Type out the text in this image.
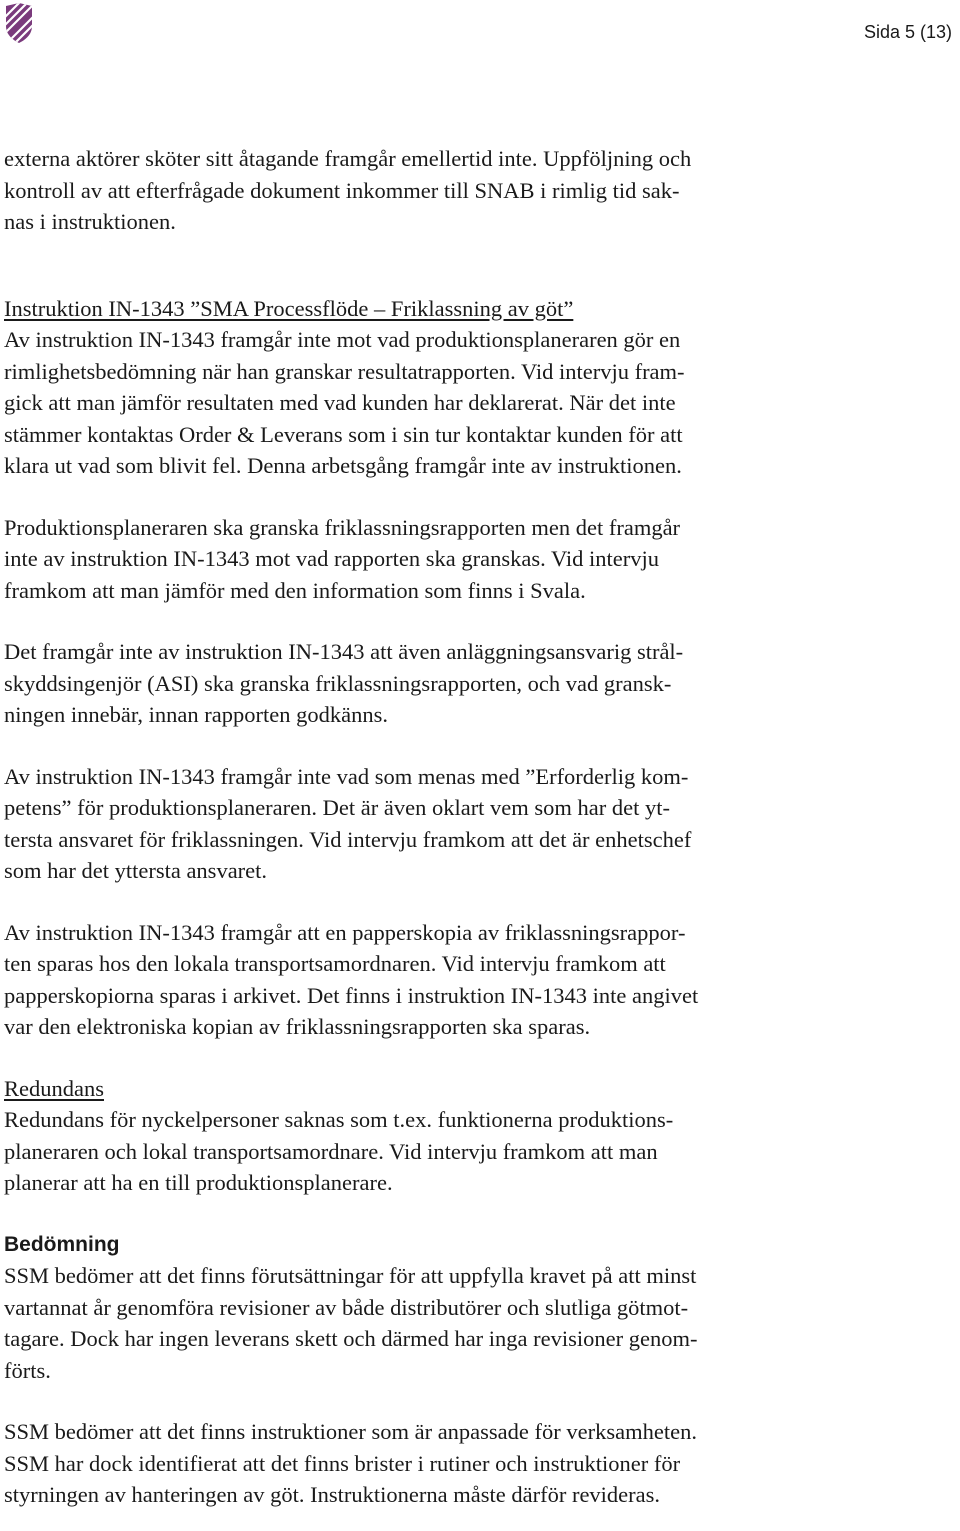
Sida 5 (13)

externa aktörer sköter sitt åtagande framgår emellertid inte. Uppföljning och
kontroll av att efterfrågade dokument inkommer till SNAB i rimlig tid sak-
nas i instruktionen.

Instruktion IN-1343 ”SMA Processflöde – Friklassning av göt”

Av instruktion IN-1343 framgår inte mot vad produktionsplaneraren gör en
rimlighetsbedömning när han granskar resultatrapporten. Vid intervju fram-
gick att man jämför resultaten med vad kunden har deklarerat. När det inte
stämmer kontaktas Order & Leverans som i sin tur kontaktar kunden för att
klara ut vad som blivit fel. Denna arbetsgång framgår inte av instruktionen.

Produktionsplaneraren ska granska friklassningsrapporten men det framgår
inte av instruktion IN-1343 mot vad rapporten ska granskas. Vid intervju
framkom att man jämför med den information som finns i Svala.

Det framgår inte av instruktion IN-1343 att även anläggningsansvarig strål-
skyddsingenjör (ASI) ska granska friklassningsrapporten, och vad gransk-
ningen innebär, innan rapporten godkänns.

Av instruktion IN-1343 framgår inte vad som menas med ”Erforderlig kom-
petens” för produktionsplaneraren. Det är även oklart vem som har det yt-
tersta ansvaret för friklassningen. Vid intervju framkom att det är enhetschef
som har det yttersta ansvaret.

Av instruktion IN-1343 framgår att en papperskopia av friklassningsrappor-
ten sparas hos den lokala transportsamordnaren. Vid intervju framkom att
papperskopiorna sparas i arkivet. Det finns i instruktion IN-1343 inte angivet
var den elektroniska kopian av friklassningsrapporten ska sparas.

Redundans

Redundans för nyckelpersoner saknas som t.ex. funktionerna produktions-
planeraren och lokal transportsamordnare. Vid intervju framkom att man
planerar att ha en till produktionsplanerare.

Bedömning

SSM bedömer att det finns förutsättningar för att uppfylla kravet på att minst
vartannat år genomföra revisioner av både distributörer och slutliga götmot-
tagare. Dock har ingen leverans skett och därmed har inga revisioner genom-
förts.

SSM bedömer att det finns instruktioner som är anpassade för verksamheten.
SSM har dock identifierat att det finns brister i rutiner och instruktioner för
styrningen av hanteringen av göt. Instruktionerna måste därför revideras.
